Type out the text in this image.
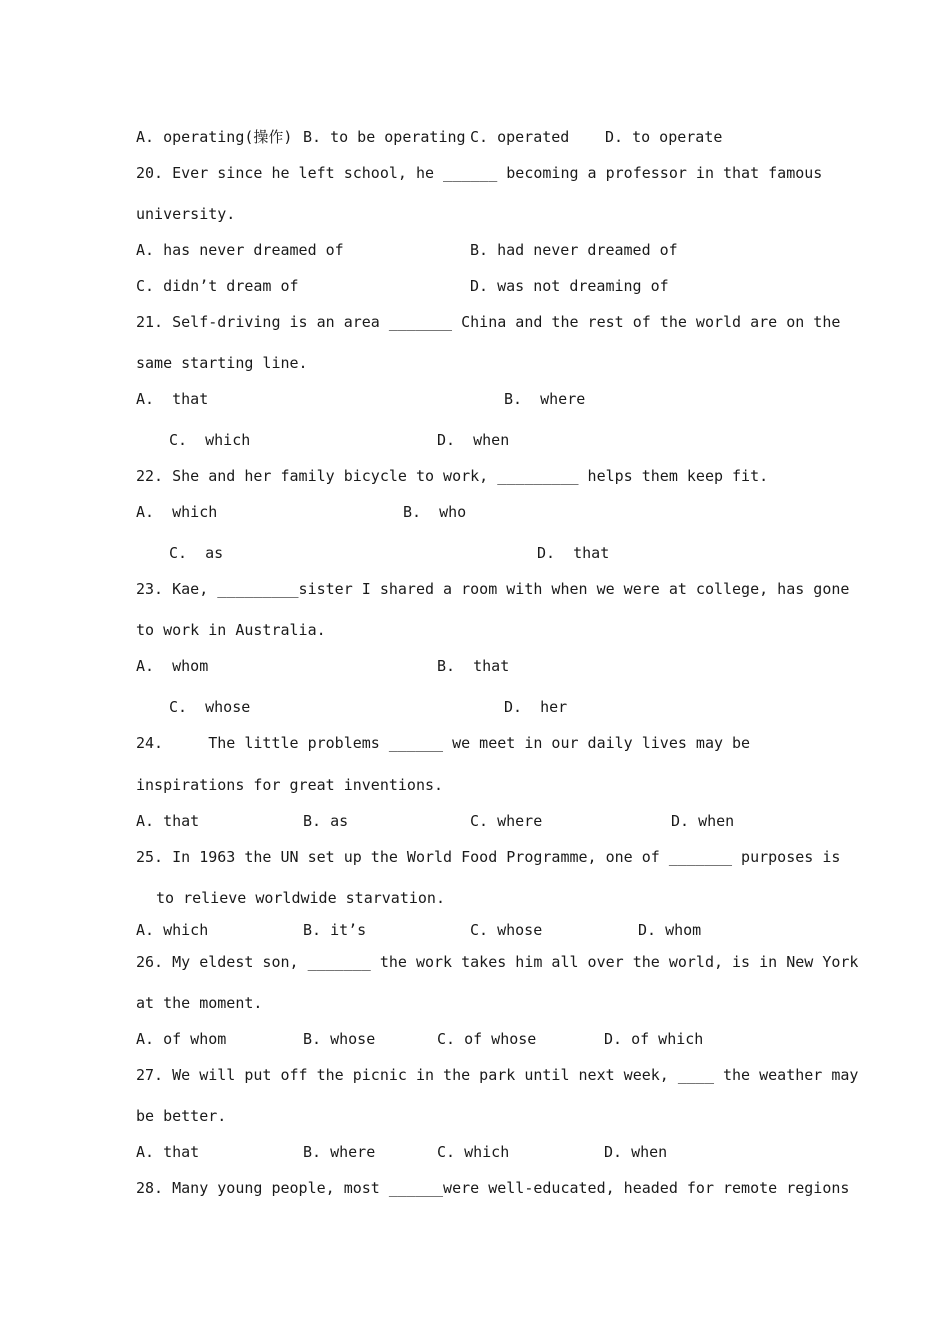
A. operating(操作) B. to be operating C. operated D. to operate
20. Ever since he left school, he ______ becoming a professor in that famous
university.
A. has never dreamed of	B. had never dreamed of
C. didn’t dream of	D. was not dreaming of
21. Self-driving is an area _______ China and the rest of the world are on the
same starting line.
A.  that	B.  where
C.  which	D.  when
22. She and her family bicycle to work, _________ helps them keep fit.
A.  which	B.  who
C.  as	D.  that
23. Kae, _________sister I shared a room with when we were at college, has gone
to work in Australia.
A.  whom	B.  that
C.  whose	D.  her
24.     The little problems ______ we meet in our daily lives may be
inspirations for great inventions.
A. that	B. as	C. where	D. when
25. In 1963 the UN set up the World Food Programme, one of _______ purposes is
to relieve worldwide starvation.
A. which	B. it’s	C. whose	D. whom
26. My eldest son, _______ the work takes him all over the world, is in New York
at the moment.
A. of whom	B. whose	C. of whose	D. of which
27. We will put off the picnic in the park until next week, ____ the weather may
be better.
A. that	B. where	C. which	D. when
28. Many young people, most ______were well-educated, headed for remote regions
